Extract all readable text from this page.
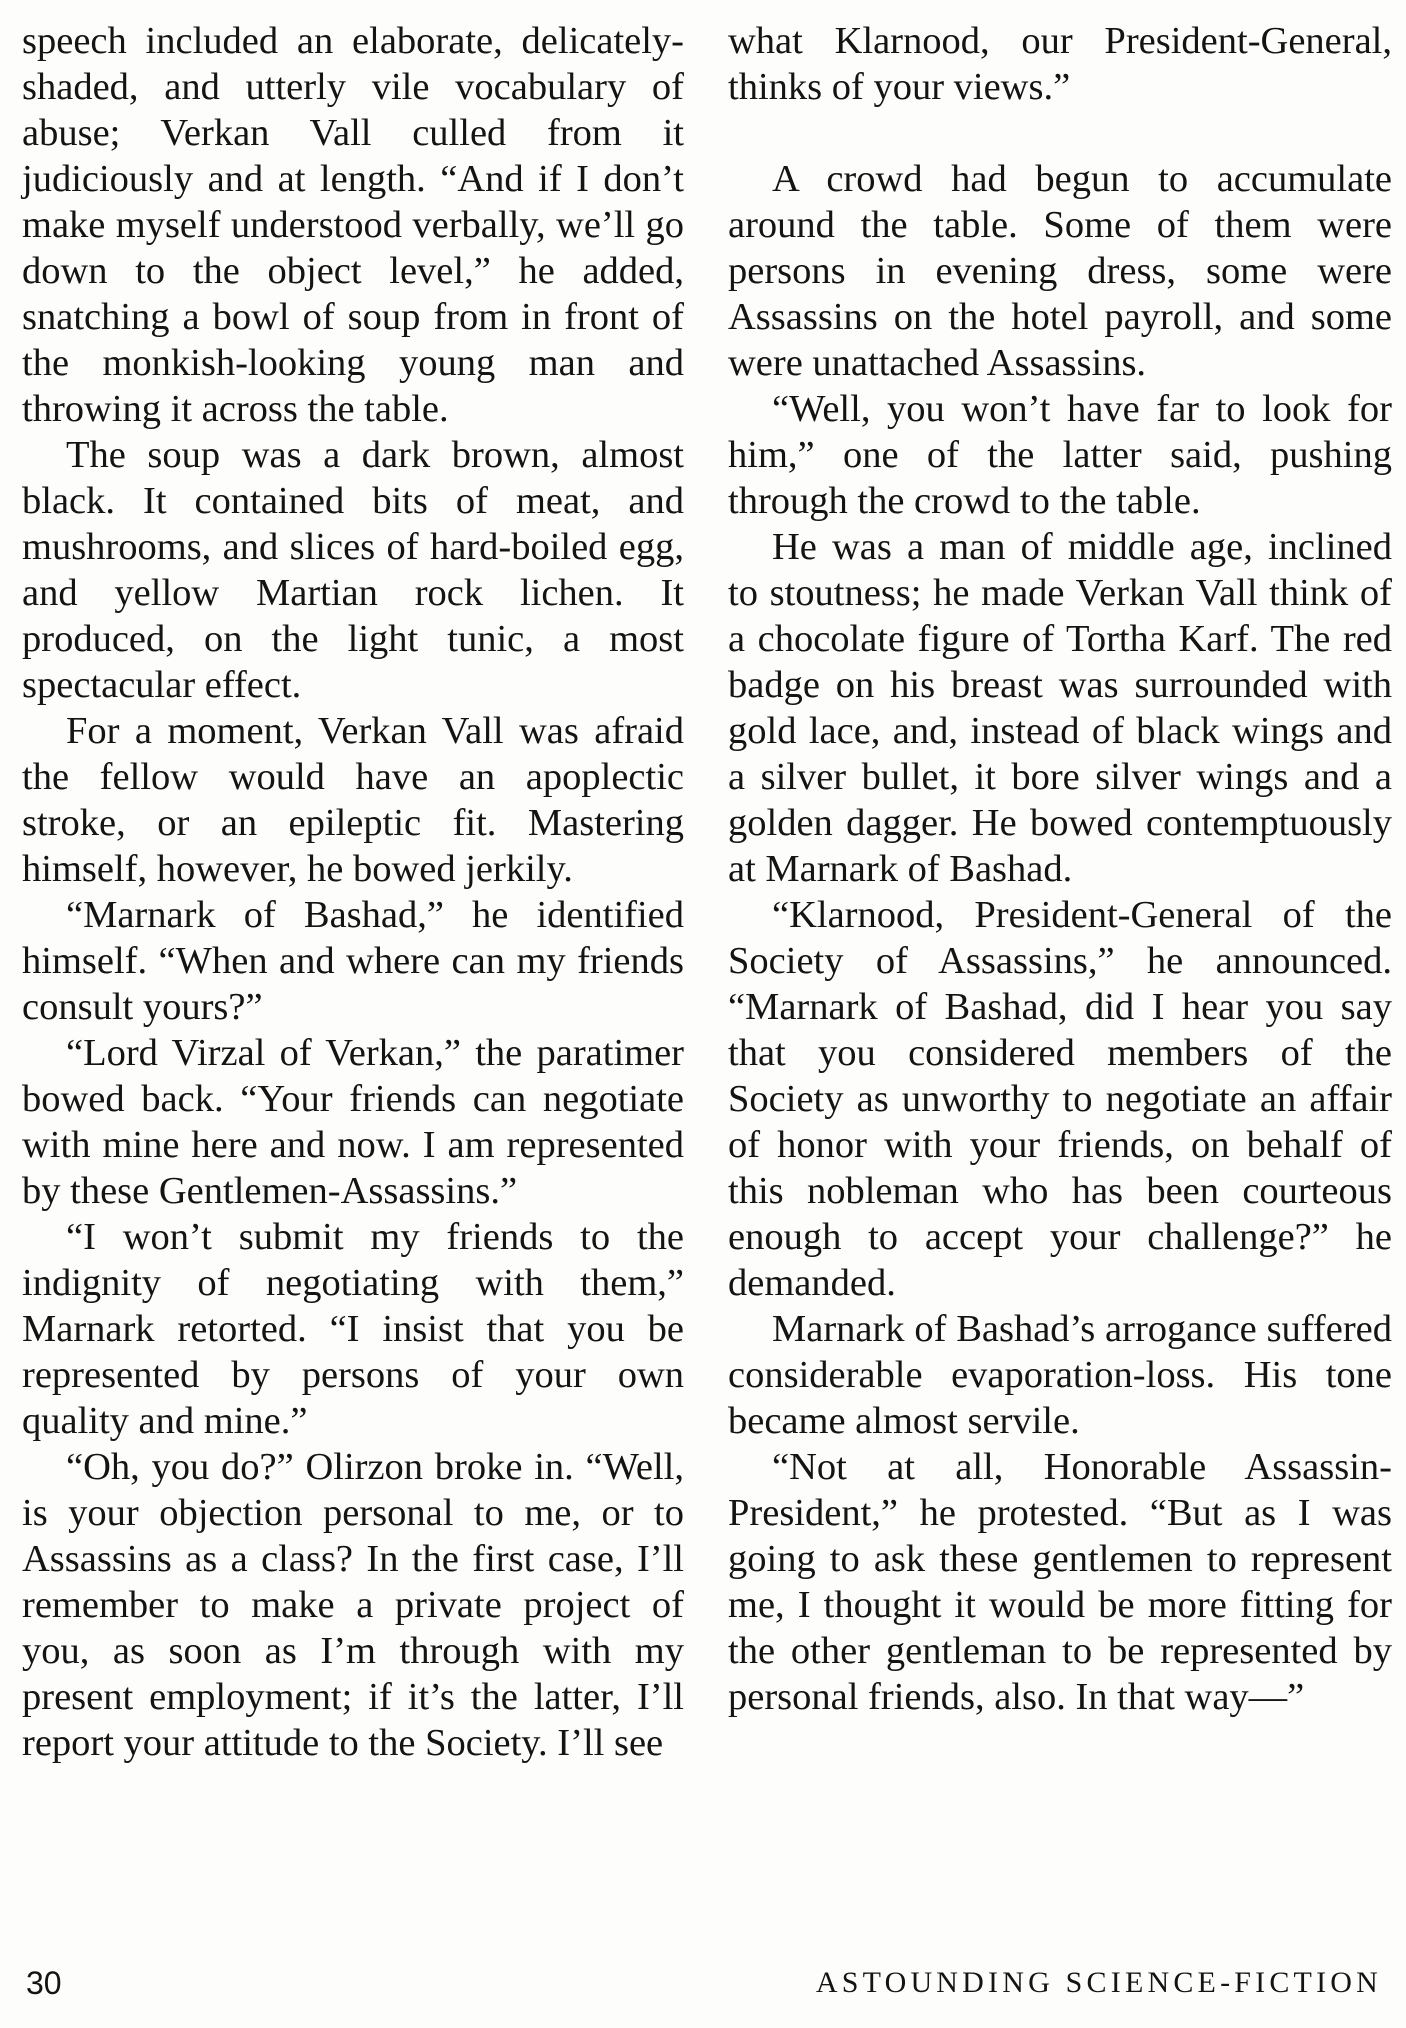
speech included an elaborate, delicately-shaded, and utterly vile vocabulary of abuse; Verkan Vall culled from it judiciously and at length. “And if I don’t make myself understood verbally, we’ll go down to the object level,” he added, snatching a bowl of soup from in front of the monkish-looking young man and throwing it across the table.

The soup was a dark brown, almost black. It contained bits of meat, and mushrooms, and slices of hard-boiled egg, and yellow Martian rock lichen. It produced, on the light tunic, a most spectacular effect.

For a moment, Verkan Vall was afraid the fellow would have an apoplectic stroke, or an epileptic fit. Mastering himself, however, he bowed jerkily.

“Marnark of Bashad,” he identified himself. “When and where can my friends consult yours?”

“Lord Virzal of Verkan,” the paratimer bowed back. “Your friends can negotiate with mine here and now. I am represented by these Gentlemen-Assassins.”

“I won’t submit my friends to the indignity of negotiating with them,” Marnark retorted. “I insist that you be represented by persons of your own quality and mine.”

“Oh, you do?” Olirzon broke in. “Well, is your objection personal to me, or to Assassins as a class? In the first case, I’ll remember to make a private project of you, as soon as I’m through with my present employment; if it’s the latter, I’ll report your attitude to the Society. I’ll see

what Klarnood, our President-General, thinks of your views.”

A crowd had begun to accumulate around the table. Some of them were persons in evening dress, some were Assassins on the hotel payroll, and some were unattached Assassins.

“Well, you won’t have far to look for him,” one of the latter said, pushing through the crowd to the table.

He was a man of middle age, inclined to stoutness; he made Verkan Vall think of a chocolate figure of Tortha Karf. The red badge on his breast was surrounded with gold lace, and, instead of black wings and a silver bullet, it bore silver wings and a golden dagger. He bowed contemptuously at Marnark of Bashad.

“Klarnood, President-General of the Society of Assassins,” he announced. “Marnark of Bashad, did I hear you say that you considered members of the Society as unworthy to negotiate an affair of honor with your friends, on behalf of this nobleman who has been courteous enough to accept your challenge?” he demanded.

Marnark of Bashad’s arrogance suffered considerable evaporation-loss. His tone became almost servile.

“Not at all, Honorable Assassin-President,” he protested. “But as I was going to ask these gentlemen to represent me, I thought it would be more fitting for the other gentleman to be represented by personal friends, also. In that way—”

30	ASTOUNDING SCIENCE-FICTION
